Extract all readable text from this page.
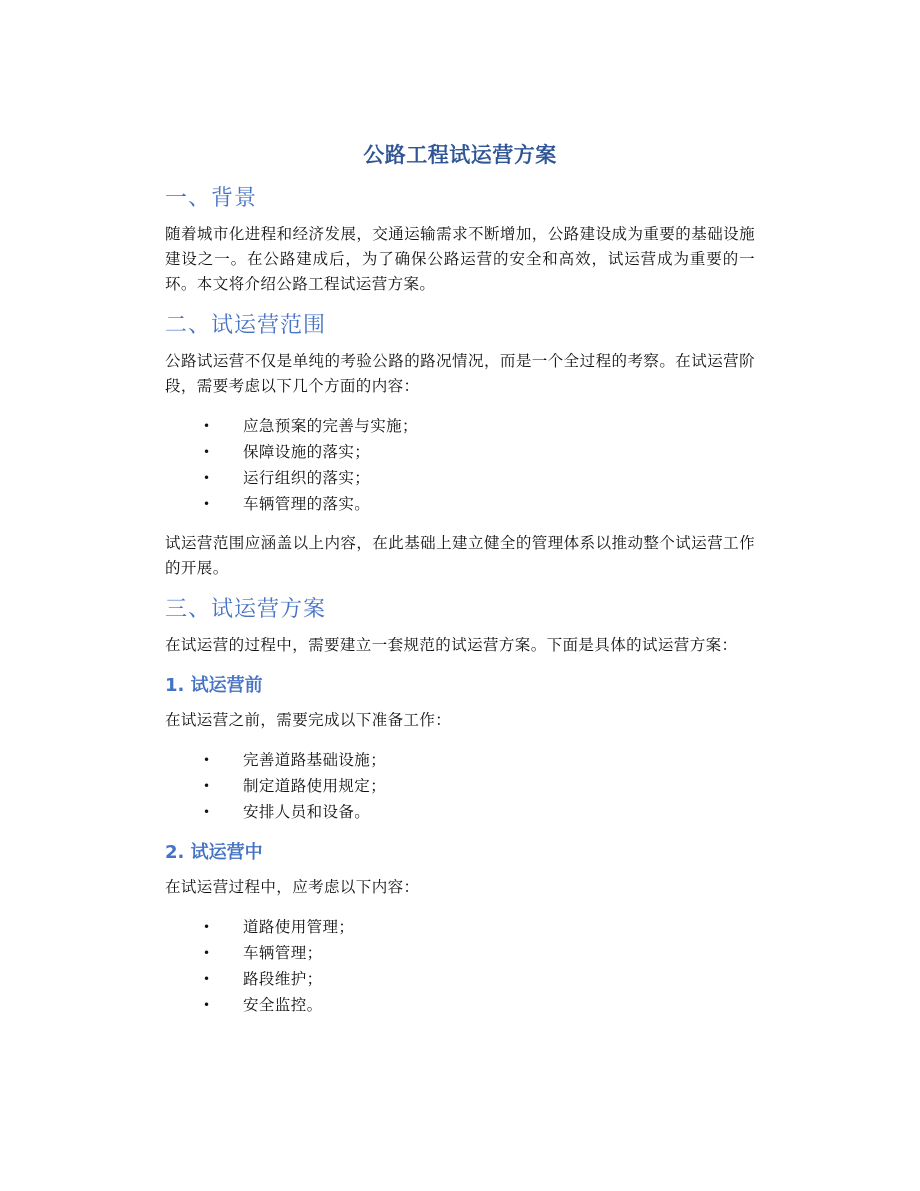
公路工程试运营方案
一、背景

随着城市化进程和经济发展，交通运输需求不断增加，公路建设成为重要的基础设施建设之一。在公路建成后，为了确保公路运营的安全和高效，试运营成为重要的一环。本文将介绍公路工程试运营方案。

二、试运营范围

公路试运营不仅是单纯的考验公路的路况情况，而是一个全过程的考察。在试运营阶段，需要考虑以下几个方面的内容：

• 应急预案的完善与实施；
• 保障设施的落实；
• 运行组织的落实；
• 车辆管理的落实。

试运营范围应涵盖以上内容，在此基础上建立健全的管理体系以推动整个试运营工作的开展。

三、试运营方案

在试运营的过程中，需要建立一套规范的试运营方案。下面是具体的试运营方案：

1. 试运营前

在试运营之前，需要完成以下准备工作：

• 完善道路基础设施；
• 制定道路使用规定；
• 安排人员和设备。
2. 试运营中

在试运营过程中，应考虑以下内容：

• 道路使用管理；
• 车辆管理；
• 路段维护；
• 安全监控。
